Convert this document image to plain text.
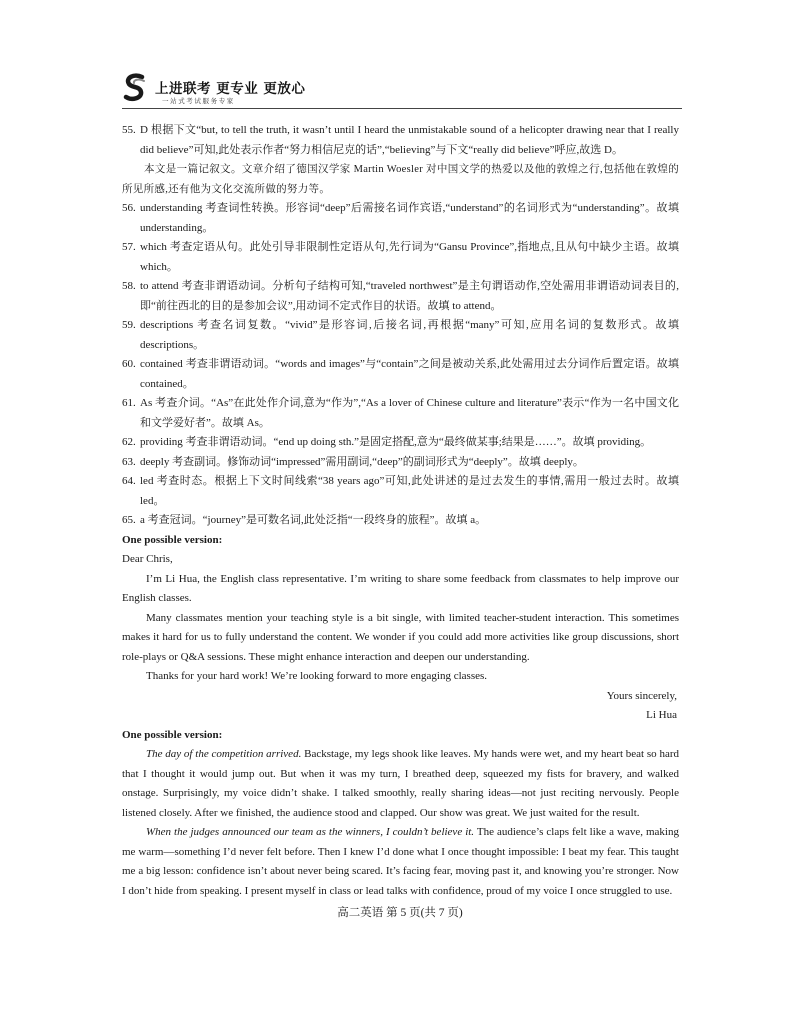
上进联考 更专业 更放心
一站式考试服务专家
55. D 根据下文“but, to tell the truth, it wasn’t until I heard the unmistakable sound of a helicopter drawing near that I really did believe”可知,此处表示作者“努力相信尼克的话”,“believing”与下文“really did believe”呼应,故选 D。

本文是一篇记叙文。文章介绍了德国汉学家 Martin Woesler 对中国文学的热爱以及他的敦煌之行,包括他在敦煌的所见所感,还有他为文化交流所做的努力等。

56. understanding 考查词性转换。形容词“deep”后需接名词作宾语,“understand”的名词形式为“understanding”。故填 understanding。

57. which 考查定语从句。此处引导非限制性定语从句,先行词为“Gansu Province”,指地点,且从句中缺少主语。故填 which。

58. to attend 考查非谓语动词。分析句子结构可知,“traveled northwest”是主句谓语动作,空处需用非谓语动词表目的,即“前往西北的目的是参加会议”,用动词不定式作目的状语。故填 to attend。

59. descriptions 考查名词复数。“vivid”是形容词,后接名词,再根据“many”可知,应用名词的复数形式。故填 descriptions。

60. contained 考查非谓语动词。“words and images”与“contain”之间是被动关系,此处需用过去分词作后置定语。故填 contained。

61. As 考查介词。“As”在此处作介词,意为“作为”,“As a lover of Chinese culture and literature”表示“作为一名中国文化和文学爱好者”。故填 As。

62. providing 考查非谓语动词。“end up doing sth.”是固定搭配,意为“最终做某事;结果是……”。故填 providing。

63. deeply 考查副词。修饰动词“impressed”需用副词,“deep”的副词形式为“deeply”。故填 deeply。

64. led 考查时态。根据上下文时间线索“38 years ago”可知,此处讲述的是过去发生的事情,需用一般过去时。故填 led。

65. a 考查冠词。“journey”是可数名词,此处泛指“一段终身的旅程”。故填 a。

One possible version:

Dear Chris,

I’m Li Hua, the English class representative. I’m writing to share some feedback from classmates to help improve our English classes.

Many classmates mention your teaching style is a bit single, with limited teacher-student interaction. This sometimes makes it hard for us to fully understand the content. We wonder if you could add more activities like group discussions, short role-plays or Q&A sessions. These might enhance interaction and deepen our understanding.

Thanks for your hard work! We’re looking forward to more engaging classes.

Yours sincerely,

Li Hua

One possible version:

The day of the competition arrived. Backstage, my legs shook like leaves. My hands were wet, and my heart beat so hard that I thought it would jump out. But when it was my turn, I breathed deep, squeezed my fists for bravery, and walked onstage. Surprisingly, my voice didn’t shake. I talked smoothly, really sharing ideas—not just reciting nervously. People listened closely. After we finished, the audience stood and clapped. Our show was great. We just waited for the result.

When the judges announced our team as the winners, I couldn’t believe it. The audience’s claps felt like a wave, making me warm—something I’d never felt before. Then I knew I’d done what I once thought impossible: I beat my fear. This taught me a big lesson: confidence isn’t about never being scared. It’s facing fear, moving past it, and knowing you’re stronger. Now I don’t hide from speaking. I present myself in class or lead talks with confidence, proud of my voice I once struggled to use.

高二英语 第 5 页(共 7 页)
